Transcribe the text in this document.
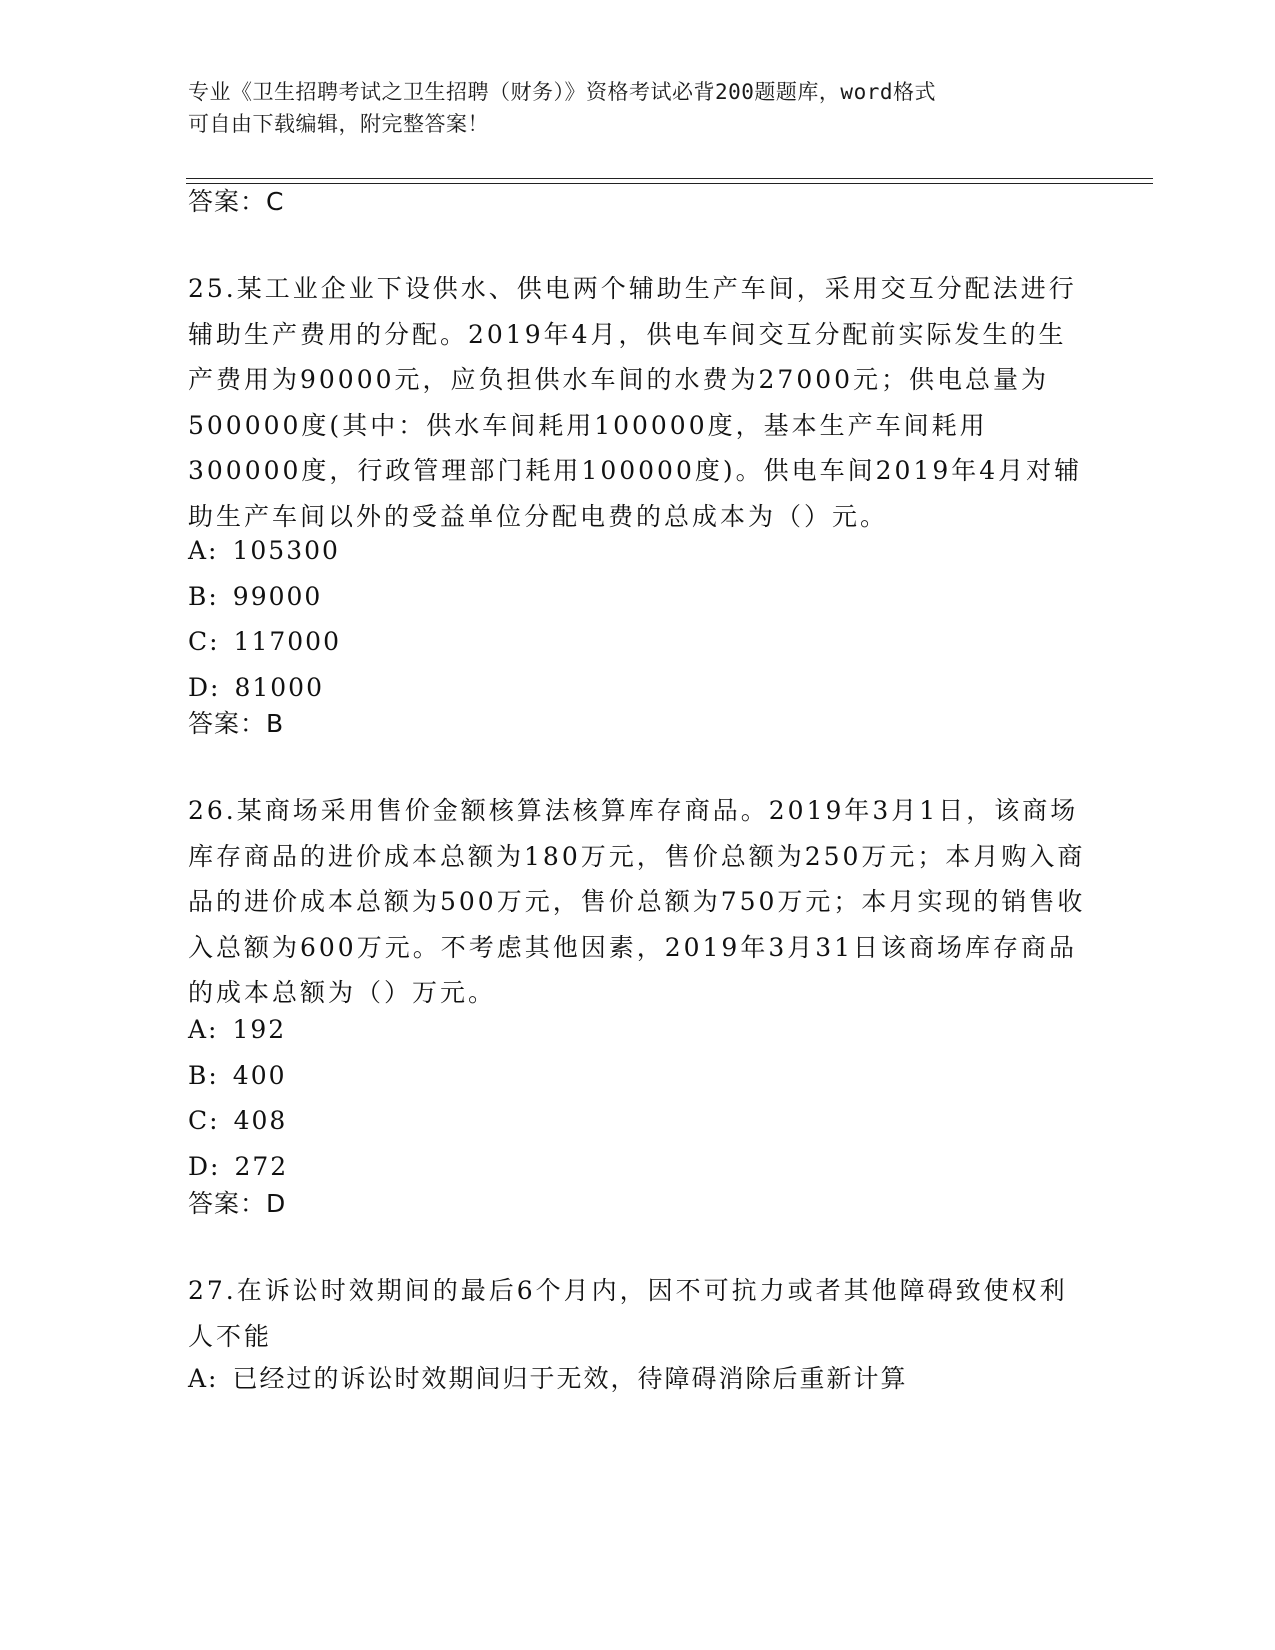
专业《卫生招聘考试之卫生招聘（财务）》资格考试必背200题题库，word格式
可自由下载编辑，附完整答案！
答案：C
25.某工业企业下设供水、供电两个辅助生产车间，采用交互分配法进行辅助生产费用的分配。2019年4月，供电车间交互分配前实际发生的生产费用为90000元，应负担供水车间的水费为27000元；供电总量为500000度(其中：供水车间耗用100000度，基本生产车间耗用300000度，行政管理部门耗用100000度)。供电车间2019年4月对辅助生产车间以外的受益单位分配电费的总成本为（）元。
A: 105300
B: 99000
C: 117000
D: 81000
答案：B
26.某商场采用售价金额核算法核算库存商品。2019年3月1日，该商场库存商品的进价成本总额为180万元，售价总额为250万元；本月购入商品的进价成本总额为500万元，售价总额为750万元；本月实现的销售收入总额为600万元。不考虑其他因素，2019年3月31日该商场库存商品的成本总额为（）万元。
A: 192
B: 400
C: 408
D: 272
答案：D
27.在诉讼时效期间的最后6个月内，因不可抗力或者其他障碍致使权利人不能
A: 已经过的诉讼时效期间归于无效，待障碍消除后重新计算
